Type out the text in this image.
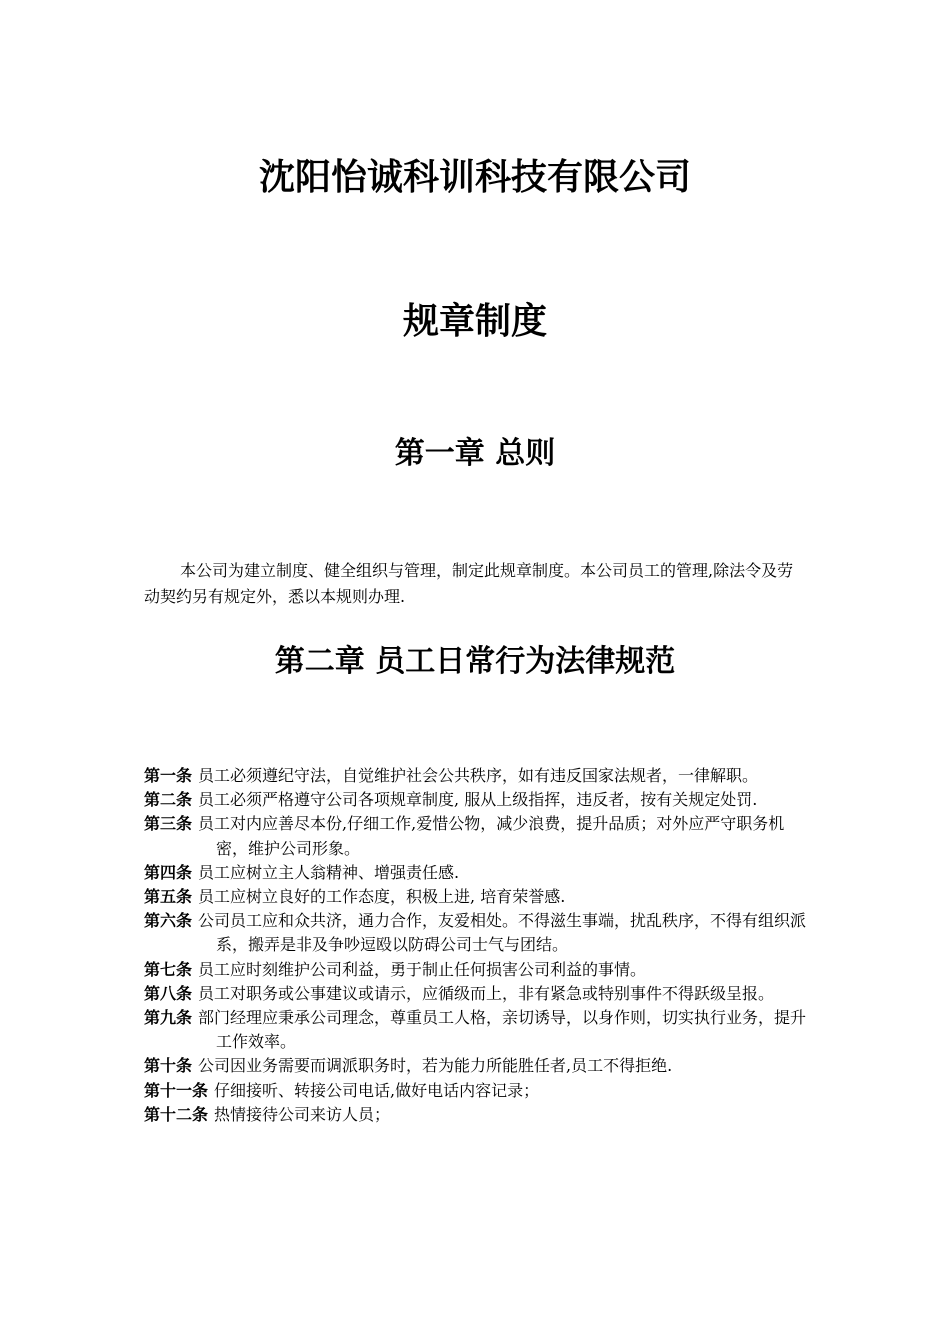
沈阳怡诚科训科技有限公司
规章制度
第一章 总则

本公司为建立制度、健全组织与管理，制定此规章制度。本公司员工的管理,除法令及劳动契约另有规定外，悉以本规则办理.

第二章 员工日常行为法律规范
第一条 员工必须遵纪守法，自觉维护社会公共秩序，如有违反国家法规者，一律解职。
第二条 员工必须严格遵守公司各项规章制度, 服从上级指挥，违反者，按有关规定处罚.
第三条 员工对内应善尽本份,仔细工作,爱惜公物，减少浪费，提升品质；对外应严守职务机密，维护公司形象。
第四条 员工应树立主人翁精神、增强责任感.
第五条 员工应树立良好的工作态度，积极上进, 培育荣誉感.
第六条 公司员工应和众共济，通力合作，友爱相处。不得滋生事端，扰乱秩序，不得有组织派系，搬弄是非及争吵逗殴以防碍公司士气与团结。
第七条 员工应时刻维护公司利益，勇于制止任何损害公司利益的事情。
第八条 员工对职务或公事建议或请示，应循级而上，非有紧急或特别事件不得跃级呈报。
第九条 部门经理应秉承公司理念，尊重员工人格，亲切诱导，以身作则，切实执行业务，提升工作效率。
第十条 公司因业务需要而调派职务时，若为能力所能胜任者,员工不得拒绝.
第十一条 仔细接听、转接公司电话,做好电话内容记录；
第十二条 热情接待公司来访人员；
